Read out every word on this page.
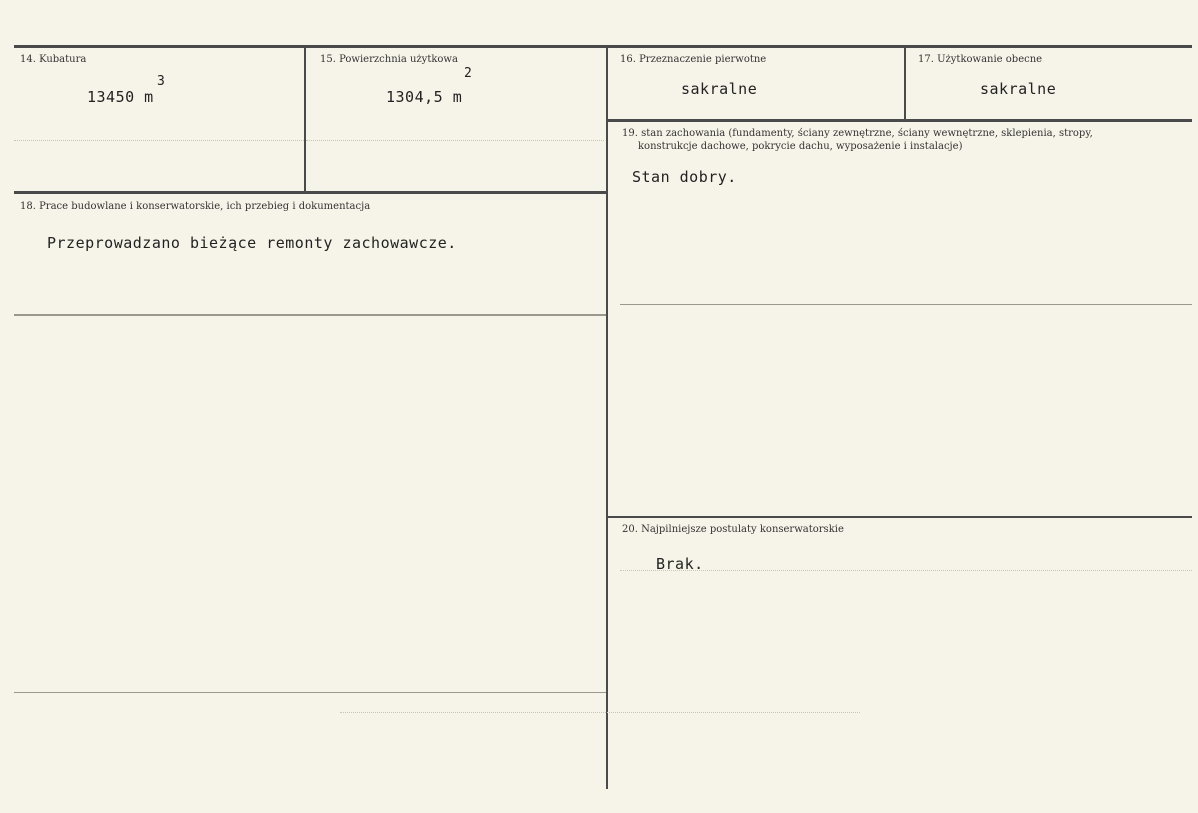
14. Kubatura
13450 m
3
15. Powierzchnia użytkowa
1304,5 m
2
16. Przeznaczenie pierwotne
sakralne
17. Użytkowanie obecne
sakralne
18. Prace budowlane i konserwatorskie, ich przebieg i dokumentacja
Przeprowadzano bieżące remonty zachowawcze.
19. stan zachowania (fundamenty, ściany zewnętrzne, ściany wewnętrzne, sklepienia, stropy,
konstrukcje dachowe, pokrycie dachu, wyposażenie i instalacje)
Stan dobry.
20. Najpilniejsze postulaty konserwatorskie
Brak.
